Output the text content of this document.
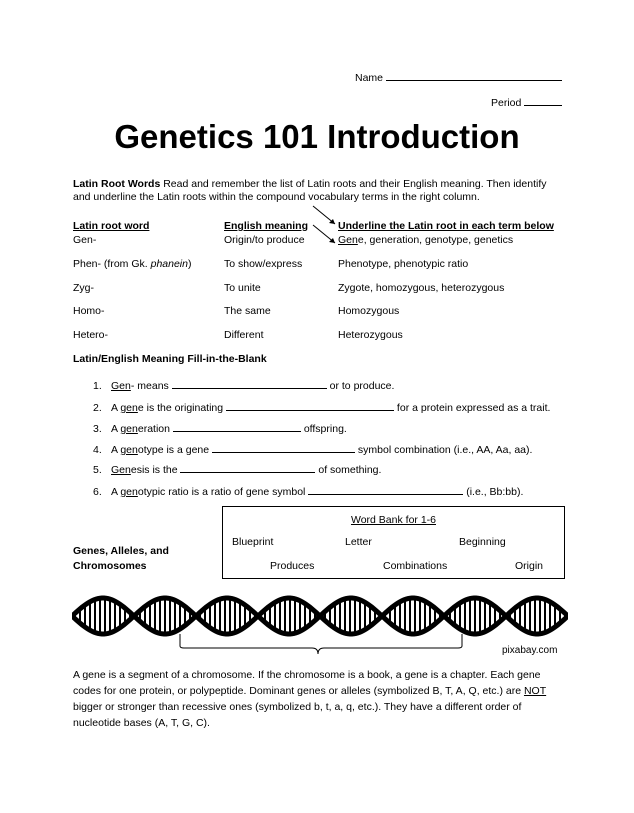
Name
Period
Genetics 101 Introduction
Latin Root Words Read and remember the list of Latin roots and their English meaning. Then identify
and underline the Latin roots within the compound vocabulary terms in the right column.
Latin root word	English meaning	Underline the Latin root in each term below
Gen-	Origin/to produce	Gene, generation, genotype, genetics
Phen- (from Gk. phanein)	To show/express	Phenotype, phenotypic ratio
Zyg-	To unite	Zygote, homozygous, heterozygous
Homo-	The same	Homozygous
Hetero-	Different	Heterozygous
Latin/English Meaning Fill-in-the-Blank
1. Gen- means	or to produce.
2. A gene is the originating	for a protein expressed as a trait.
3. A generation	offspring.
4. A genotype is a gene	symbol combination (i.e., AA, Aa, aa).
5. Genesis is the	of something.
6. A genotypic ratio is a ratio of gene symbol	(i.e., Bb:bb).
Genes, Alleles, and
Chromosomes
Word Bank for 1-6
Blueprint	Letter	Beginning
Produces	Combinations	Origin
pixabay.com
A gene is a segment of a chromosome. If the chromosome is a book, a gene is a chapter. Each gene
codes for one protein, or polypeptide. Dominant genes or alleles (symbolized B, T, A, Q, etc.) are NOT
bigger or stronger than recessive ones (symbolized b, t, a, q, etc.). They have a different order of
nucleotide bases (A, T, G, C).
